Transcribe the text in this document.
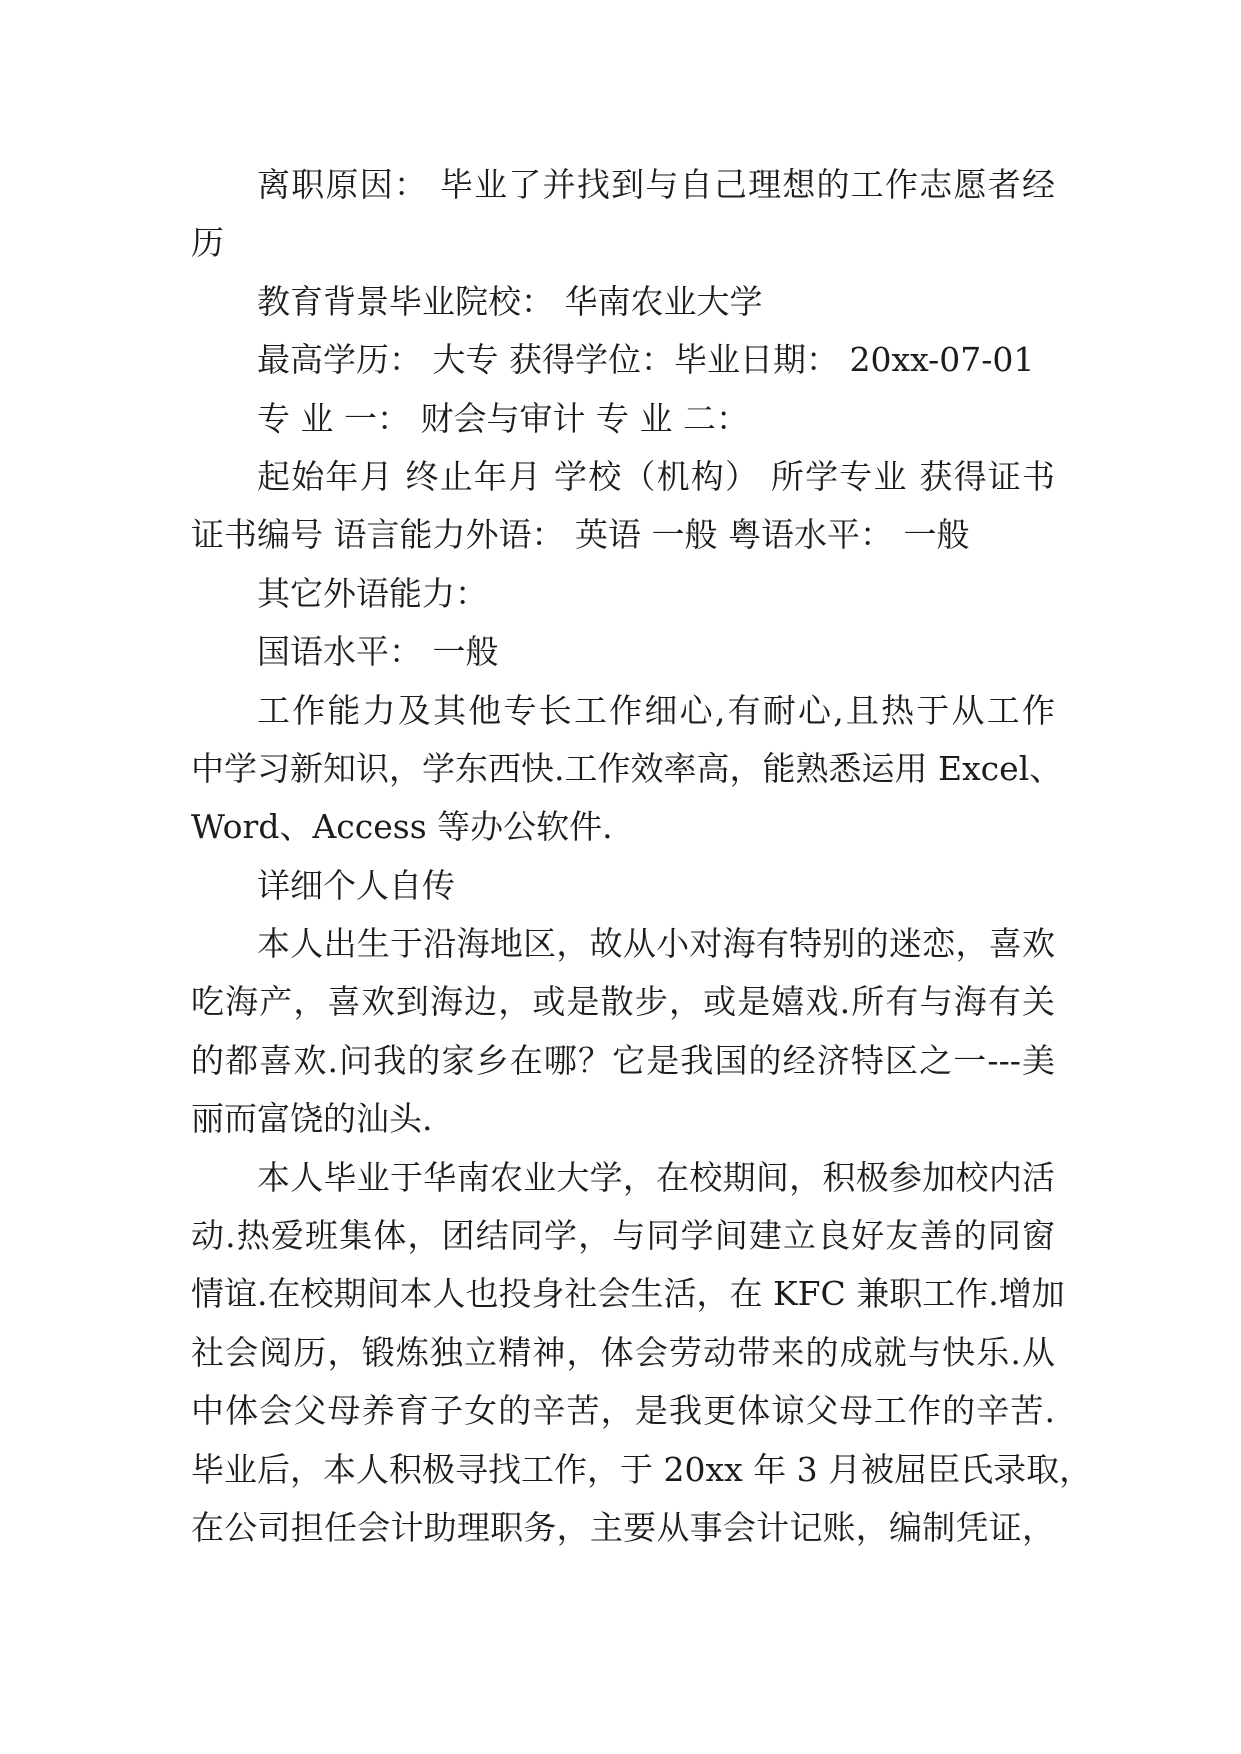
离职原因： 毕业了并找到与自己理想的工作志愿者经
历
教育背景毕业院校： 华南农业大学
最高学历： 大专 获得学位：毕业日期： 20xx-07-01
专 业 一： 财会与审计 专 业 二：
起始年月 终止年月 学校（机构） 所学专业 获得证书
证书编号 语言能力外语： 英语 一般 粤语水平： 一般
其它外语能力：
国语水平： 一般
工作能力及其他专长工作细心,有耐心,且热于从工作
中学习新知识，学东西快.工作效率高，能熟悉运用 Excel、
Word、Access 等办公软件.
详细个人自传
本人出生于沿海地区，故从小对海有特别的迷恋，喜欢
吃海产，喜欢到海边，或是散步，或是嬉戏.所有与海有关
的都喜欢.问我的家乡在哪？它是我国的经济特区之一---美
丽而富饶的汕头.
本人毕业于华南农业大学，在校期间，积极参加校内活
动.热爱班集体，团结同学，与同学间建立良好友善的同窗
情谊.在校期间本人也投身社会生活，在 KFC 兼职工作.增加
社会阅历，锻炼独立精神，体会劳动带来的成就与快乐.从
中体会父母养育子女的辛苦，是我更体谅父母工作的辛苦.
毕业后，本人积极寻找工作，于 20xx 年 3 月被屈臣氏录取，
在公司担任会计助理职务，主要从事会计记账，编制凭证，
